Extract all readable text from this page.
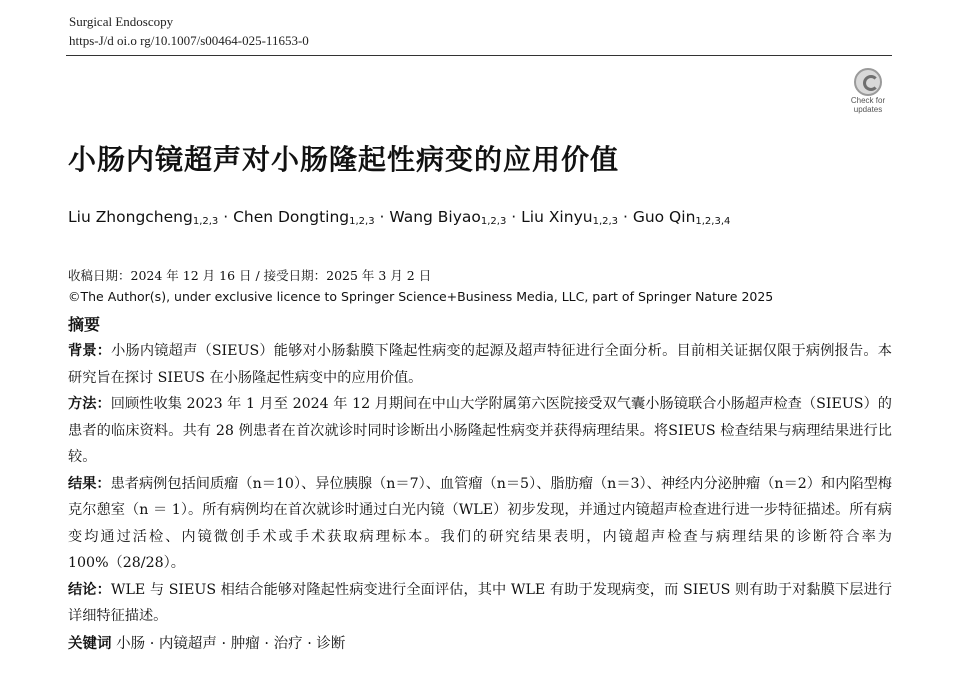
Surgical Endoscopy
https-J/d oi.o rg/10.1007/s00464-025-11653-0
Check for
updates
小肠内镜超声对小肠隆起性病变的应用价值
Liu Zhongcheng$_{1,2,3}$ · Chen Dongting$_{1,2,3}$ · Wang Biyao$_{1,2,3}$ · Liu Xinyu$_{1,2,3}$ · Guo Qin$_{1,2,3,4}$
收稿日期：2024 年 12 月 16 日 / 接受日期：2025 年 3 月 2 日
©The Author(s), under exclusive licence to Springer Science+Business Media, LLC, part of Springer Nature 2025
摘要

背景：小肠内镜超声（SIEUS）能够对小肠黏膜下隆起性病变的起源及超声特征进行全面分析。目前相关证据仅限于病例报告。本研究旨在探讨 SIEUS 在小肠隆起性病变中的应用价值。

方法：回顾性收集 2023 年 1 月至 2024 年 12 月期间在中山大学附属第六医院接受双气囊小肠镜联合小肠超声检查（SIEUS）的患者的临床资料。共有 28 例患者在首次就诊时同时诊断出小肠隆起性病变并获得病理结果。将SIEUS 检查结果与病理结果进行比较。

结果：患者病例包括间质瘤（n＝10）、异位胰腺（n＝7）、血管瘤（n＝5）、脂肪瘤（n＝3）、神经内分泌肿瘤（n＝2）和内陷型梅克尔憩室（n ＝ 1）。所有病例均在首次就诊时通过白光内镜（WLE）初步发现，并通过内镜超声检查进行进一步特征描述。所有病变均通过活检、内镜微创手术或手术获取病理标本。我们的研究结果表明，内镜超声检查与病理结果的诊断符合率为 100%（28/28）。

结论：WLE 与 SIEUS 相结合能够对隆起性病变进行全面评估，其中 WLE 有助于发现病变，而 SIEUS 则有助于对黏膜下层进行详细特征描述。

关键词 小肠 · 内镜超声 · 肿瘤 · 治疗 · 诊断
